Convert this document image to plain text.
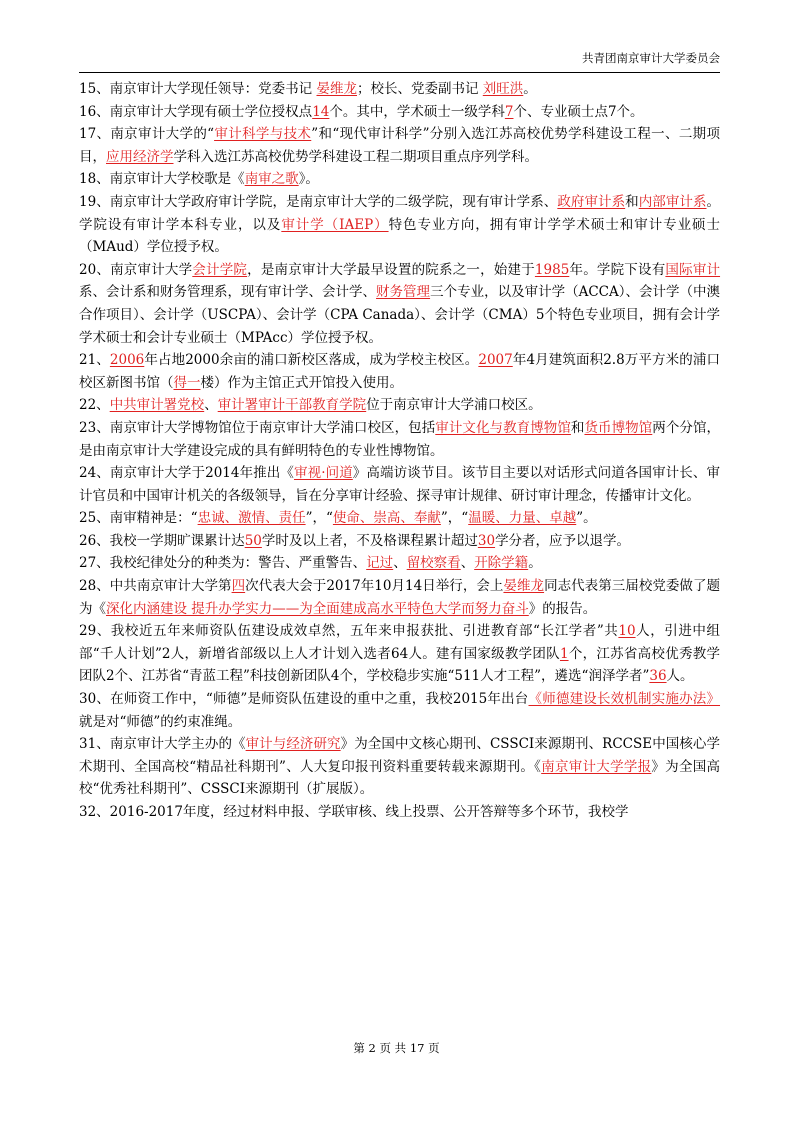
共青团南京审计大学委员会

15、南京审计大学现任领导：党委书记 晏维龙；校长、党委副书记 刘旺洪。

16、南京审计大学现有硕士学位授权点14个。其中，学术硕士一级学科7个、专业硕士点7个。

17、南京审计大学的“审计科学与技术”和“现代审计科学”分别入选江苏高校优势学科建设工程一、二期项目，应用经济学学科入选江苏高校优势学科建设工程二期项目重点序列学科。

18、南京审计大学校歌是《南审之歌》。

19、南京审计大学政府审计学院，是南京审计大学的二级学院，现有审计学系、政府审计系和内部审计系。学院设有审计学本科专业，以及审计学（IAEP）特色专业方向，拥有审计学学术硕士和审计专业硕士（MAud）学位授予权。

20、南京审计大学会计学院，是南京审计大学最早设置的院系之一，始建于1985年。学院下设有国际审计系、会计系和财务管理系，现有审计学、会计学、财务管理三个专业，以及审计学（ACCA）、会计学（中澳合作项目）、会计学（USCPA）、会计学（CPA Canada）、会计学（CMA）5个特色专业项目，拥有会计学学术硕士和会计专业硕士（MPAcc）学位授予权。

21、2006年占地2000余亩的浦口新校区落成，成为学校主校区。2007年4月建筑面积2.8万平方米的浦口校区新图书馆（得一楼）作为主馆正式开馆投入使用。

22、中共审计署党校、审计署审计干部教育学院位于南京审计大学浦口校区。

23、南京审计大学博物馆位于南京审计大学浦口校区，包括审计文化与教育博物馆和货币博物馆两个分馆，是由南京审计大学建设完成的具有鲜明特色的专业性博物馆。

24、南京审计大学于2014年推出《审视·问道》高端访谈节目。该节目主要以对话形式问道各国审计长、审计官员和中国审计机关的各级领导，旨在分享审计经验、探寻审计规律、研讨审计理念，传播审计文化。

25、南审精神是：“忠诚、激情、责任”，“使命、崇高、奉献”，“温暖、力量、卓越”。

26、我校一学期旷课累计达50学时及以上者，不及格课程累计超过30学分者，应予以退学。

27、我校纪律处分的种类为：警告、严重警告、记过、留校察看、开除学籍。

28、中共南京审计大学第四次代表大会于2017年10月14日举行，会上晏维龙同志代表第三届校党委做了题为《深化内涵建设 提升办学实力——为全面建成高水平特色大学而努力奋斗》的报告。

29、我校近五年来师资队伍建设成效卓然，五年来申报获批、引进教育部“长江学者”共10人，引进中组部“千人计划”2人，新增省部级以上人才计划入选者64人。建有国家级教学团队1个，江苏省高校优秀教学团队2个、江苏省“青蓝工程”科技创新团队4个，学校稳步实施“511人才工程”，遴选“润泽学者”36人。

30、在师资工作中，“师德”是师资队伍建设的重中之重，我校2015年出台《师德建设长效机制实施办法》就是对“师德”的约束准绳。

31、南京审计大学主办的《审计与经济研究》为全国中文核心期刊、CSSCI来源期刊、RCCSE中国核心学术期刊、全国高校“精品社科期刊”、人大复印报刊资料重要转载来源期刊。《南京审计大学学报》为全国高校“优秀社科期刊”、CSSCI来源期刊（扩展版）。

32、2016-2017年度，经过材料申报、学联审核、线上投票、公开答辩等多个环节，我校学

第 2 页 共 17 页
